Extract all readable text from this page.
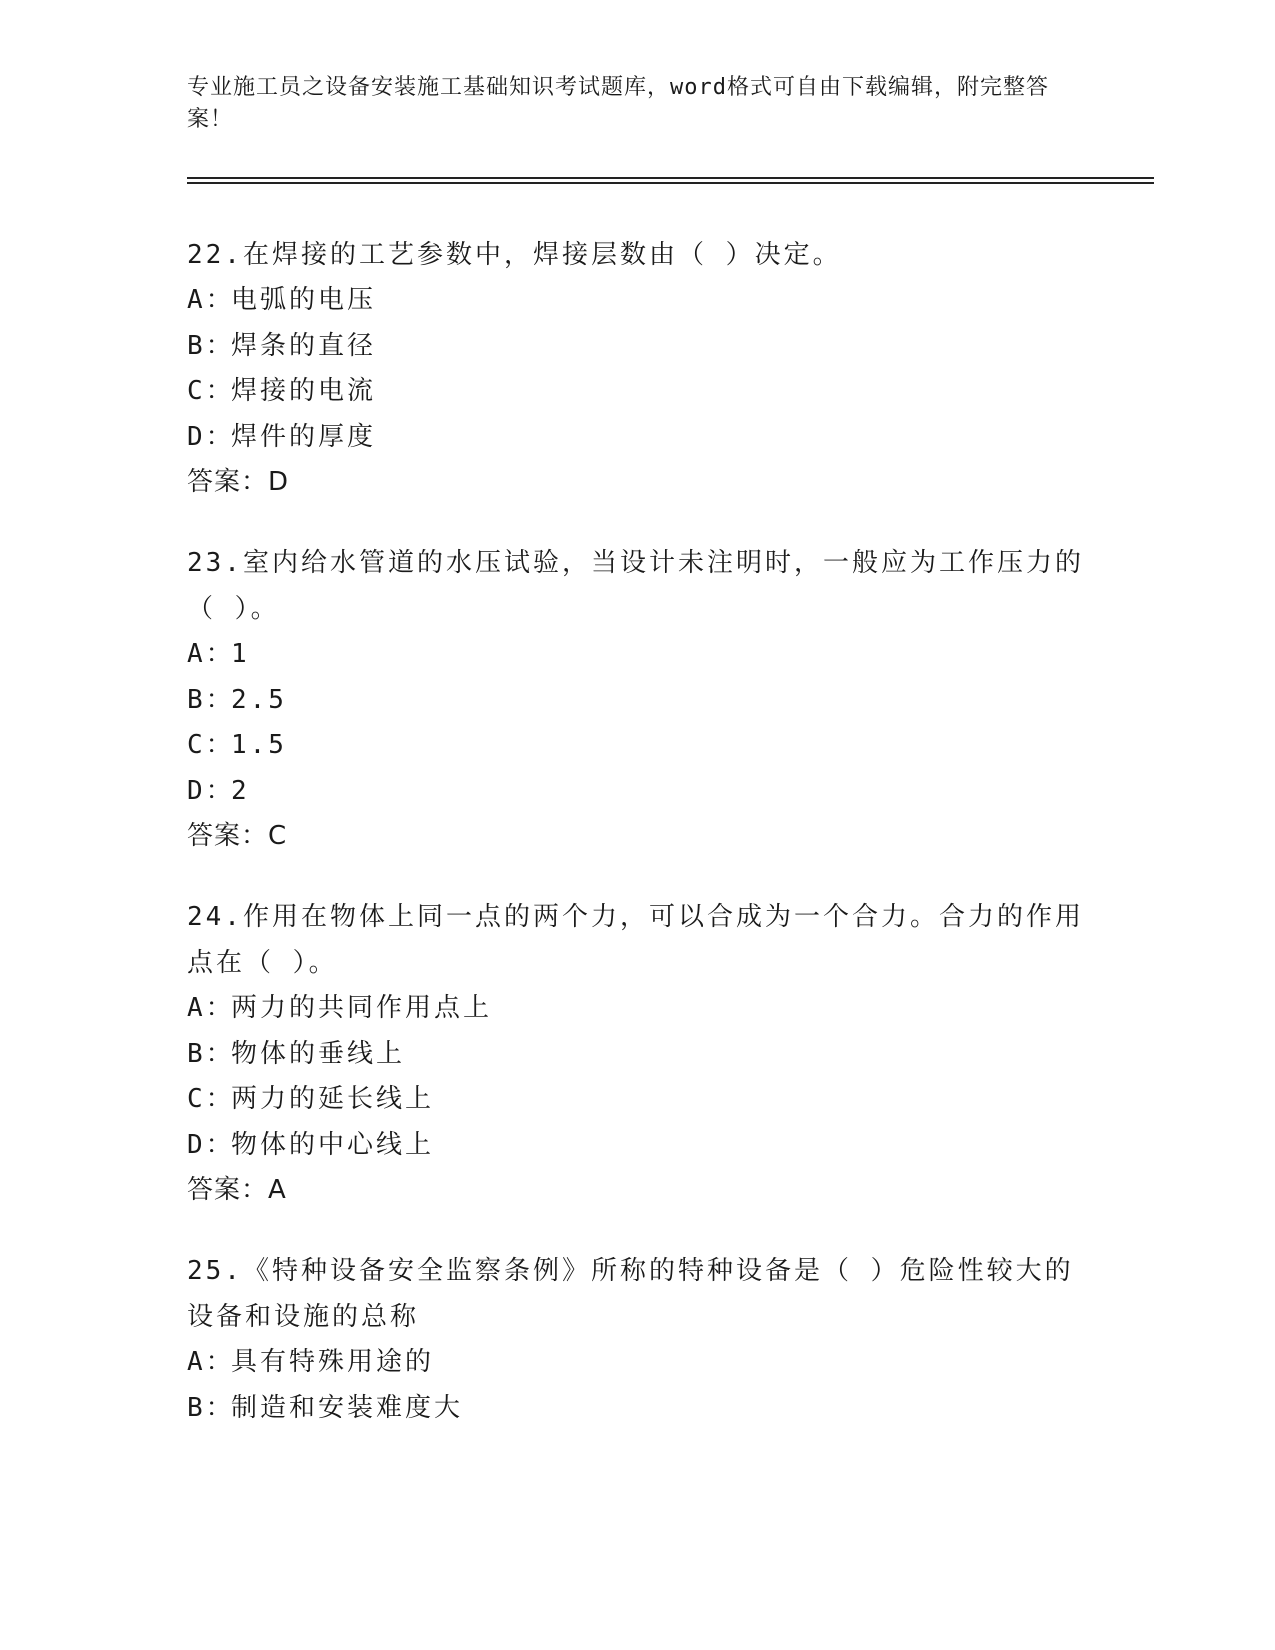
专业施工员之设备安装施工基础知识考试题库，word格式可自由下载编辑，附完整答案！
22.在焊接的工艺参数中，焊接层数由（ ）决定。
A：电弧的电压
B：焊条的直径
C：焊接的电流
D：焊件的厚度
答案：D
23.室内给水管道的水压试验，当设计未注明时，一般应为工作压力的（ ）。
A：1
B：2.5
C：1.5
D：2
答案：C
24.作用在物体上同一点的两个力，可以合成为一个合力。合力的作用点在（ ）。
A：两力的共同作用点上
B：物体的垂线上
C：两力的延长线上
D：物体的中心线上
答案：A
25.《特种设备安全监察条例》所称的特种设备是（ ）危险性较大的设备和设施的总称
A：具有特殊用途的
B：制造和安装难度大
